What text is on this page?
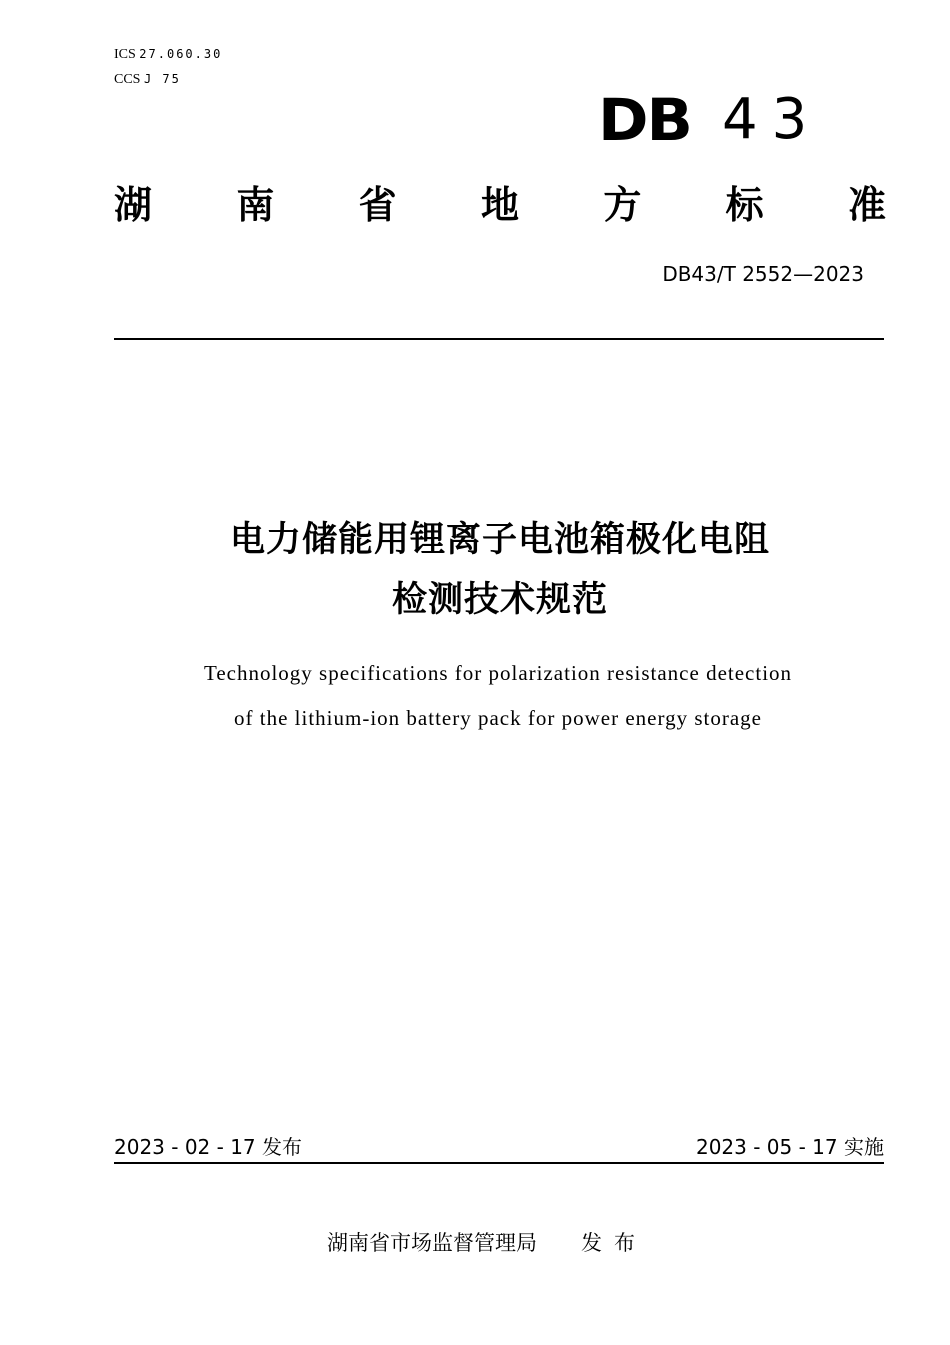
ICS 27.060.30
CCS J 75
DB 43
湖 南 省 地 方 标 准
DB43/T 2552—2023
电力储能用锂离子电池箱极化电阻
检测技术规范
Technology specifications for polarization resistance detection
of the lithium-ion battery pack for power energy storage
2023 - 02 - 17 发布	2023 - 05 - 17 实施
湖南省市场监督管理局 发布
